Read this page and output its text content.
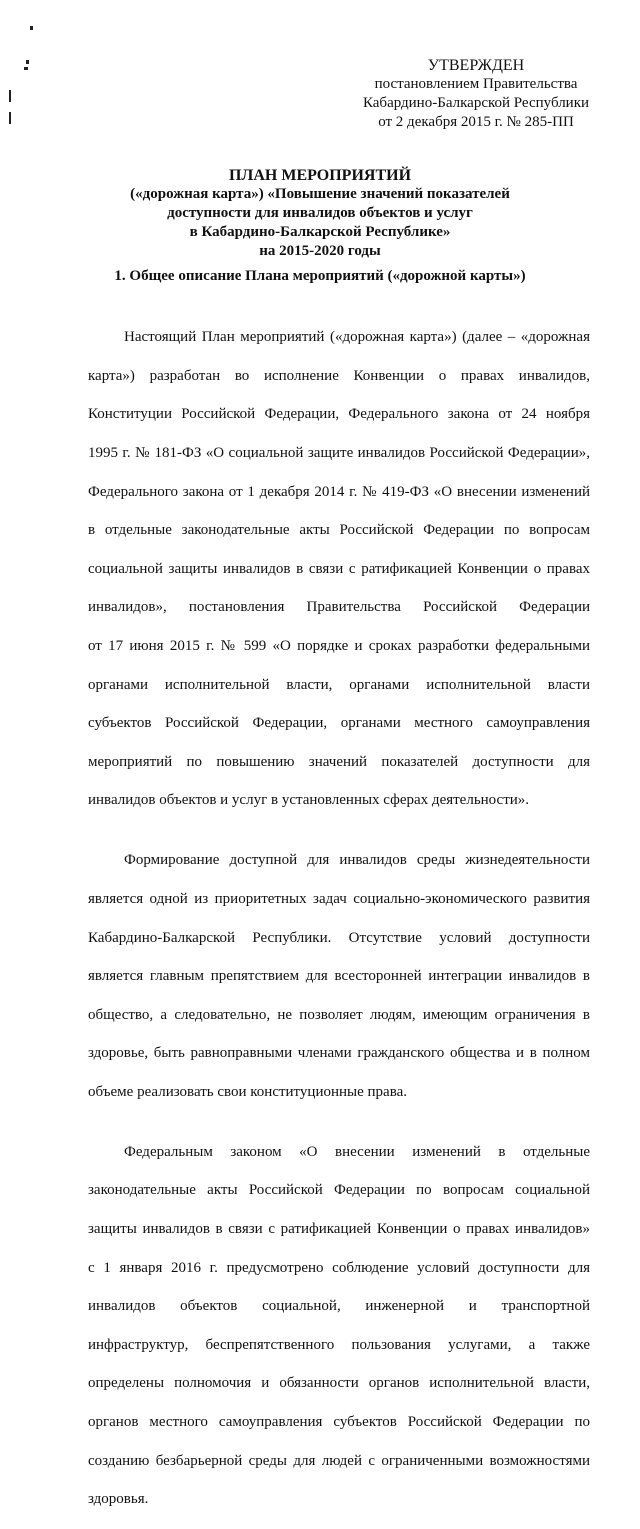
УТВЕРЖДЕН
постановлением Правительства
Кабардино-Балкарской Республики
от 2 декабря 2015 г. № 285-ПП
ПЛАН МЕРОПРИЯТИЙ
(«дорожная карта») «Повышение значений показателей
доступности для инвалидов объектов и услуг
в Кабардино-Балкарской Республике»
на 2015-2020 годы
1. Общее описание Плана мероприятий («дорожной карты»)

Настоящий План мероприятий («дорожная карта») (далее – «дорожная

карта») разработан во исполнение Конвенции о правах инвалидов,

Конституции Российской Федерации, Федерального закона от 24 ноября

1995 г. № 181-ФЗ «О социальной защите инвалидов Российской Федерации»,

Федерального закона от 1 декабря 2014 г. № 419-ФЗ «О внесении изменений

в отдельные законодательные акты Российской Федерации по вопросам

социальной защиты инвалидов в связи с ратификацией Конвенции о правах

инвалидов», постановления Правительства Российской Федерации

от 17 июня 2015 г. № 599 «О порядке и сроках разработки федеральными

органами исполнительной власти, органами исполнительной власти

субъектов Российской Федерации, органами местного самоуправления

мероприятий по повышению значений показателей доступности для

инвалидов объектов и услуг в установленных сферах деятельности».

Формирование доступной для инвалидов среды жизнедеятельности

является одной из приоритетных задач социально-экономического развития

Кабардино-Балкарской Республики. Отсутствие условий доступности

является главным препятствием для всесторонней интеграции инвалидов в

общество, а следовательно, не позволяет людям, имеющим ограничения в

здоровье, быть равноправными членами гражданского общества и в полном

объеме реализовать свои конституционные права.

Федеральным законом «О внесении изменений в отдельные

законодательные акты Российской Федерации по вопросам социальной

защиты инвалидов в связи с ратификацией Конвенции о правах инвалидов»

с 1 января 2016 г. предусмотрено соблюдение условий доступности для

инвалидов объектов социальной, инженерной и транспортной

инфраструктур, беспрепятственного пользования услугами, а также

определены полномочия и обязанности органов исполнительной власти,

органов местного самоуправления субъектов Российской Федерации по

созданию безбарьерной среды для людей с ограниченными возможностями

здоровья.
